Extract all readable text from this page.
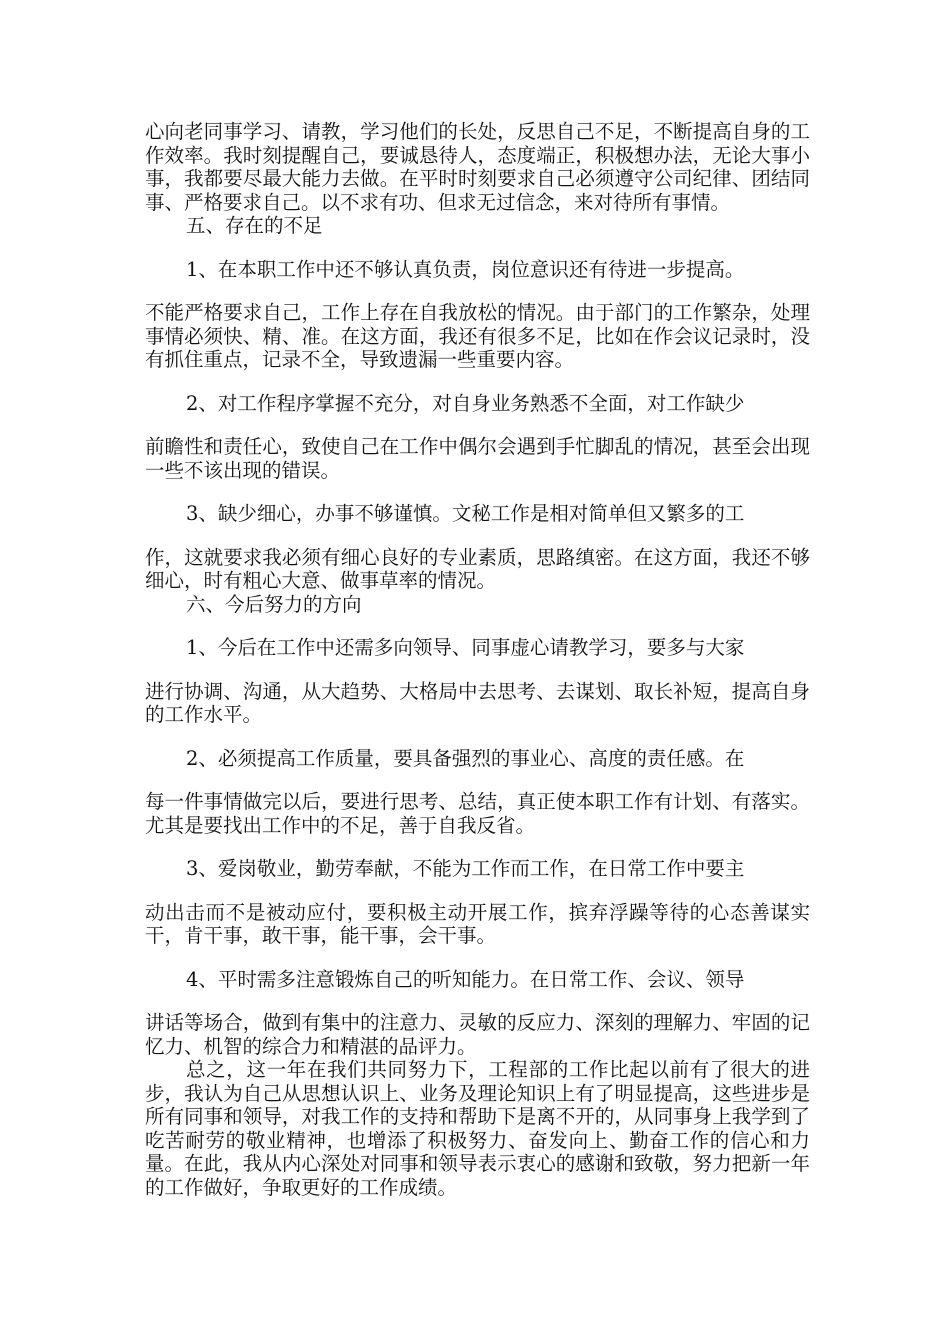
心向老同事学习、请教，学习他们的长处，反思自己不足，不断提高自身的工作效率。我时刻提醒自己，要诚恳待人，态度端正，积极想办法，无论大事小事，我都要尽最大能力去做。在平时时刻要求自己必须遵守公司纪律、团结同事、严格要求自己。以不求有功、但求无过信念，来对待所有事情。

五、存在的不足

1、在本职工作中还不够认真负责，岗位意识还有待进一步提高。

不能严格要求自己，工作上存在自我放松的情况。由于部门的工作繁杂，处理事情必须快、精、准。在这方面，我还有很多不足，比如在作会议记录时，没有抓住重点，记录不全，导致遗漏一些重要内容。

2、对工作程序掌握不充分，对自身业务熟悉不全面，对工作缺少

前瞻性和责任心，致使自己在工作中偶尔会遇到手忙脚乱的情况，甚至会出现一些不该出现的错误。

3、缺少细心，办事不够谨慎。文秘工作是相对简单但又繁多的工

作，这就要求我必须有细心良好的专业素质，思路缜密。在这方面，我还不够细心，时有粗心大意、做事草率的情况。

六、今后努力的方向

1、今后在工作中还需多向领导、同事虚心请教学习，要多与大家

进行协调、沟通，从大趋势、大格局中去思考、去谋划、取长补短，提高自身的工作水平。

2、必须提高工作质量，要具备强烈的事业心、高度的责任感。在

每一件事情做完以后，要进行思考、总结，真正使本职工作有计划、有落实。尤其是要找出工作中的不足，善于自我反省。

3、爱岗敬业，勤劳奉献，不能为工作而工作，在日常工作中要主

动出击而不是被动应付，要积极主动开展工作，摈弃浮躁等待的心态善谋实干，肯干事，敢干事，能干事，会干事。

4、平时需多注意锻炼自己的听知能力。在日常工作、会议、领导

讲话等场合，做到有集中的注意力、灵敏的反应力、深刻的理解力、牢固的记忆力、机智的综合力和精湛的品评力。

总之，这一年在我们共同努力下，工程部的工作比起以前有了很大的进步，我认为自己从思想认识上、业务及理论知识上有了明显提高，这些进步是所有同事和领导，对我工作的支持和帮助下是离不开的，从同事身上我学到了 吃苦耐劳的敬业精神，也增添了积极努力、奋发向上、勤奋工作的信心和力量。在此，我从内心深处对同事和领导表示衷心的感谢和致敬，努力把新一年的工作做好，争取更好的工作成绩。
